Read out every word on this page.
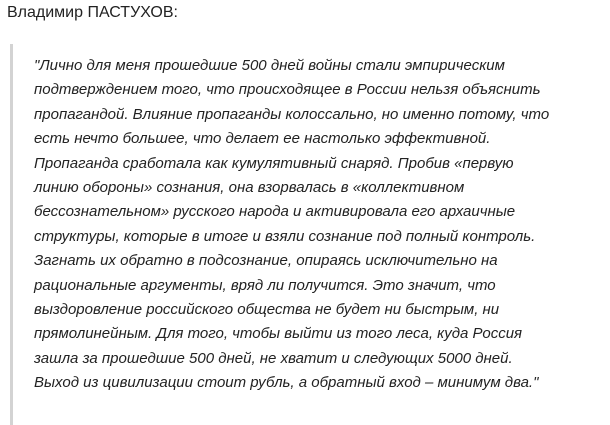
Владимир ПАСТУХОВ:
"Лично для меня прошедшие 500 дней войны стали эмпирическим
подтверждением того, что происходящее в России нельзя объяснить
пропагандой. Влияние пропаганды колоссально, но именно потому, что
есть нечто большее, что делает ее настолько эффективной.
Пропаганда сработала как кумулятивный снаряд. Пробив «первую
линию обороны» сознания, она взорвалась в «коллективном
бессознательном» русского народа и активировала его архаичные
структуры, которые в итоге и взяли сознание под полный контроль.
Загнать их обратно в подсознание, опираясь исключительно на
рациональные аргументы, вряд ли получится. Это значит, что
выздоровление российского общества не будет ни быстрым, ни
прямолинейным. Для того, чтобы выйти из того леса, куда Россия
зашла за прошедшие 500 дней, не хватит и следующих 5000 дней.
Выход из цивилизации стоит рубль, а обратный вход – минимум два."
